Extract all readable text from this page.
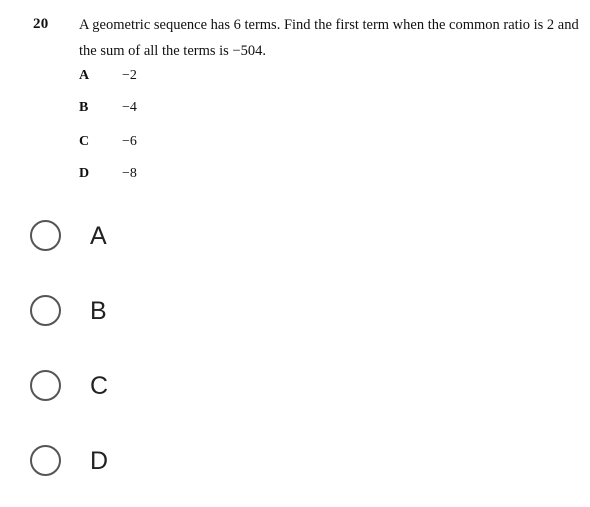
20 A geometric sequence has 6 terms. Find the first term when the common ratio is 2 and
the sum of all the terms is −504.
A −2
B −4
C −6
D −8
A
B
C
D
